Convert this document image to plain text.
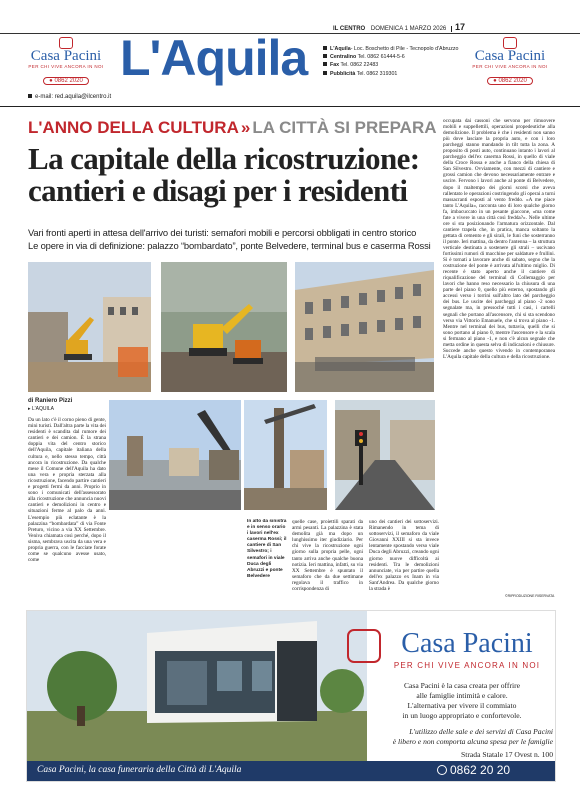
IL CENTRO DOMENICA 1 MARZO 2026 17
Casa Pacini
PER CHI VIVE ANCORA IN NOI
● 0862 2020 L'Aquila	L'Aquila- Loc. Boschetto di Pile - Tecnopolo d'Abruzzo
Centralino Tel. 0862 61444-5-6
Fax Tel. 0862 22483
Pubblicità Tel. 0862 319301
Casa Pacini
PER CHI VIVE ANCORA IN NOI
● 0862 2020
e-mail: red.aquila@ilcentro.it
L'ANNO DELLA CULTURA » LA CITTÀ SI PREPARA
La capitale della ricostruzione:
cantieri e disagi per i residenti
Vari fronti aperti in attesa dell'arrivo dei turisti: semafori mobili e percorsi obbligati in centro storico
Le opere in via di definizione: palazzo “bombardato”, ponte Belvedere, terminal bus e caserma Rossi
di Raniero Pizzi
▸ L'AQUILA
Da un lato c'è il corno pieno di gente, mini turisti. Dall'altra parte la vita dei residenti è scandita dal rumore dei cantieri e dei camion. È la strana doppia vita del centro storico dell'Aquila, capitale italiana della cultura e, nello stesso tempo, città ancora in ricostruzione. Da qualche mese il Comune dell'Aquila ha dato una vera e propria sterzata alla ricostruzione, facendo partire cantieri e progetti fermi da anni. Proprio in sono i comunicati dell'assessorato alla ricostruzione che annuncia nuovi cantieri e demolizioni in centro e situazioni ferme al palo da anni. L'esempio più eclatante è la palazzina “bombardata” di via Fonte Preturo, vicino a via XX Settembre. Veniva chiamata così perché, dopo il sisma, sembrava uscita da una vera e propria guerra, con le facciate forate come se qualcuno avesse usato, come
In alto da sinistra e in senso orario i lavori nell'ex caserma Rossi; il cantiere di San Silvestro; i semafori in viale Duca degli Abruzzi e ponte Belvedere
quelle case, proiettili sparati da armi pesanti. La palazzina è stata demolita già ma dopo un lunghissimo iter giudiziario. Per chi vive la ricostruzione ogni giorno sulla propria pelle, ogni tanto arriva anche qualche buona notizia. Ieri mattina, infatti, su via XX Settembre è spuntato il semaforo che da due settimane regolava il traffico in corrispondenza di
uno dei cantieri dei sottoservizi. Rimanendo in tema di sottoservizi, il semaforo da viale Giovanni XXIII si sta invece lentamente spostando verso viale Duca degli Abruzzi, creando ogni giorno nuove difficoltà ai residenti. Tra le demolizioni annunciate, via per partire quella dell'ex palazzo ex Inam in via Sant'Andrea. Da qualche giorno la strada è
occupata dai cassoni che servono per rimuovere mobili e suppellettili, operazioni propedeutiche alla demolizione. Il problema è che i residenti non sanno più dove lasciare la propria auto, e con i loro parcheggi stanno mandando in tilt tutta la zona. A proposito di posti auto, continuano intanto i lavori al parcheggio dell'ex caserma Rossi, in quello di viale della Croce Rossa e anche a fianco della chiesa di San Silvestro. Ovviamente, con mezzi di cantiere e grossi camion che devono necessariamente entrare e uscire. Fervono i lavori anche al ponte di Belvedere, dopo il maltempo dei giorni scorsi che aveva rallentato le operazioni costringendo gli operai a turni massacranti esposti al vento freddo. «A me piace tanto L'Aquila», racconta uno di loro qualche giorno fa, imbacuccato in un pesante giaccone, «ma come fate a vivere in una città così fredda?». Nelle ultime ore si sta posizionando l'armatura orizzontale. Dal cantiere trapela che, in pratica, manca soltanto la gettata di cemento e gli sirali, le funi che sosterranno il ponte. Ieri mattina, da dentro l'antenna – la struttura verticale destinata a sostenere gli strali – uscivano fortissimi rumori di macchine per saldature e frullini. Si è tornati a lavorare anche di sabato, segno che la costruzione del ponte è arrivata all'ultimo miglio. Di recente è stato aperto anche il cantiere di riqualificazione del terminal di Collemaggio per lavori che hanno reso necessario la chiusura di una parte del piano 0, quello più esterno, spostando gli accessi verso i torrini sull'altro lato del parcheggio dei bus. Le uscite dei parcheggi al piano -2 sono segnalate ma, in pressoché tutti i casi, i cartelli segnali che portano all'ascensore, chi si sta scendono verso via Vittorio Emanuele, che si trova al piano -1. Mentre nel terminal dei bus, tuttavia, quelli che si sono portano al piano 0, mentre l'ascensore e la scala si fermano al piano -1, e non c'è alcun segnale che metta ordine in questa selva di indicazioni e chiusure. Succede anche questo vivendo in contemporanea L'Aquila capitale della cultura e della ricostruzione.
©RIPRODUZIONE RISERVATA
Casa Pacini
PER CHI VIVE ANCORA IN NOI
Casa Pacini è la casa creata per offrire
alle famiglie intimità e calore.
L'alternativa per vivere il commiato
in un luogo appropriato e confortevole.
L'utilizzo delle sale e dei servizi di Casa Pacini
è libero e non comporta alcuna spesa per le famiglie
Strada Statale 17 Ovest n. 100
Casa Pacini, la casa funeraria della Città di L'Aquila	0862 20 20
